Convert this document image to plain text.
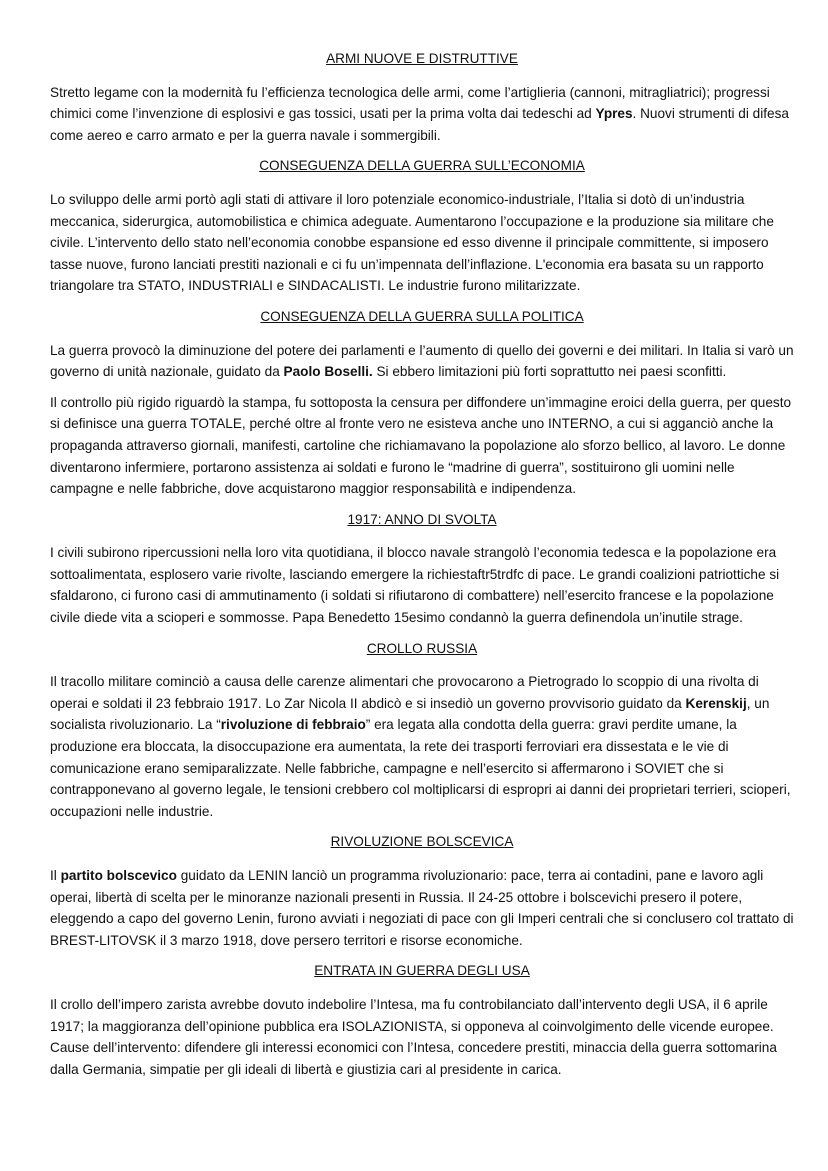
ARMI NUOVE E DISTRUTTIVE

Stretto legame con la modernità fu l’efficienza tecnologica delle armi, come l’artiglieria (cannoni, mitragliatrici); progressi chimici come l’invenzione di esplosivi e gas tossici, usati per la prima volta dai tedeschi ad Ypres. Nuovi strumenti di difesa come aereo e carro armato e per la guerra navale i sommergibili.

CONSEGUENZA DELLA GUERRA SULL’ECONOMIA

Lo sviluppo delle armi portò agli stati di attivare il loro potenziale economico-industriale, l’Italia si dotò di un’industria meccanica, siderurgica, automobilistica e chimica adeguate. Aumentarono l’occupazione e la produzione sia militare che civile. L’intervento dello stato nell’economia conobbe espansione ed esso divenne il principale committente, si imposero tasse nuove, furono lanciati prestiti nazionali e ci fu un’impennata dell’inflazione. L'economia era basata su un rapporto triangolare tra STATO, INDUSTRIALI e SINDACALISTI. Le industrie furono militarizzate.

CONSEGUENZA DELLA GUERRA SULLA POLITICA

La guerra provocò la diminuzione del potere dei parlamenti e l’aumento di quello dei governi e dei militari. In Italia si varò un governo di unità nazionale, guidato da Paolo Boselli. Si ebbero limitazioni più forti soprattutto nei paesi sconfitti.

Il controllo più rigido riguardò la stampa, fu sottoposta la censura per diffondere un’immagine eroici della guerra, per questo si definisce una guerra TOTALE, perché oltre al fronte vero ne esisteva anche uno INTERNO, a cui si agganciò anche la propaganda attraverso giornali, manifesti, cartoline che richiamavano la popolazione alo sforzo bellico, al lavoro. Le donne diventarono infermiere, portarono assistenza ai soldati e furono le “madrine di guerra”, sostituirono gli uomini nelle campagne e nelle fabbriche, dove acquistarono maggior responsabilità e indipendenza.

1917: ANNO DI SVOLTA

I civili subirono ripercussioni nella loro vita quotidiana, il blocco navale strangolò l’economia tedesca e la popolazione era sottoalimentata, esplosero varie rivolte, lasciando emergere la richiestaftr5trdfc di pace. Le grandi coalizioni patriottiche si sfaldarono, ci furono casi di ammutinamento (i soldati si rifiutarono di combattere) nell’esercito francese e la popolazione civile diede vita a scioperi e sommosse. Papa Benedetto 15esimo condannò la guerra definendola un’inutile strage.

CROLLO RUSSIA

Il tracollo militare cominciò a causa delle carenze alimentari che provocarono a Pietrogrado lo scoppio di una rivolta di operai e soldati il 23 febbraio 1917. Lo Zar Nicola II abdicò e si insediò un governo provvisorio guidato da Kerenskij, un socialista rivoluzionario. La “rivoluzione di febbraio” era legata alla condotta della guerra: gravi perdite umane, la produzione era bloccata, la disoccupazione era aumentata, la rete dei trasporti ferroviari era dissestata e le vie di comunicazione erano semiparalizzate. Nelle fabbriche, campagne e nell’esercito si affermarono i SOVIET che si contrapponevano al governo legale, le tensioni crebbero col moltiplicarsi di espropri ai danni dei proprietari terrieri, scioperi, occupazioni nelle industrie.

RIVOLUZIONE BOLSCEVICA

Il partito bolscevico guidato da LENIN lanciò un programma rivoluzionario: pace, terra ai contadini, pane e lavoro agli operai, libertà di scelta per le minoranze nazionali presenti in Russia. Il 24-25 ottobre i bolscevichi presero il potere, eleggendo a capo del governo Lenin, furono avviati i negoziati di pace con gli Imperi centrali che si conclusero col trattato di BREST-LITOVSK il 3 marzo 1918, dove persero territori e risorse economiche.

ENTRATA IN GUERRA DEGLI USA

Il crollo dell’impero zarista avrebbe dovuto indebolire l’Intesa, ma fu controbilanciato dall’intervento degli USA, il 6 aprile 1917; la maggioranza dell’opinione pubblica era ISOLAZIONISTA, si opponeva al coinvolgimento delle vicende europee. Cause dell’intervento: difendere gli interessi economici con l’Intesa, concedere prestiti, minaccia della guerra sottomarina dalla Germania, simpatie per gli ideali di libertà e giustizia cari al presidente in carica.
